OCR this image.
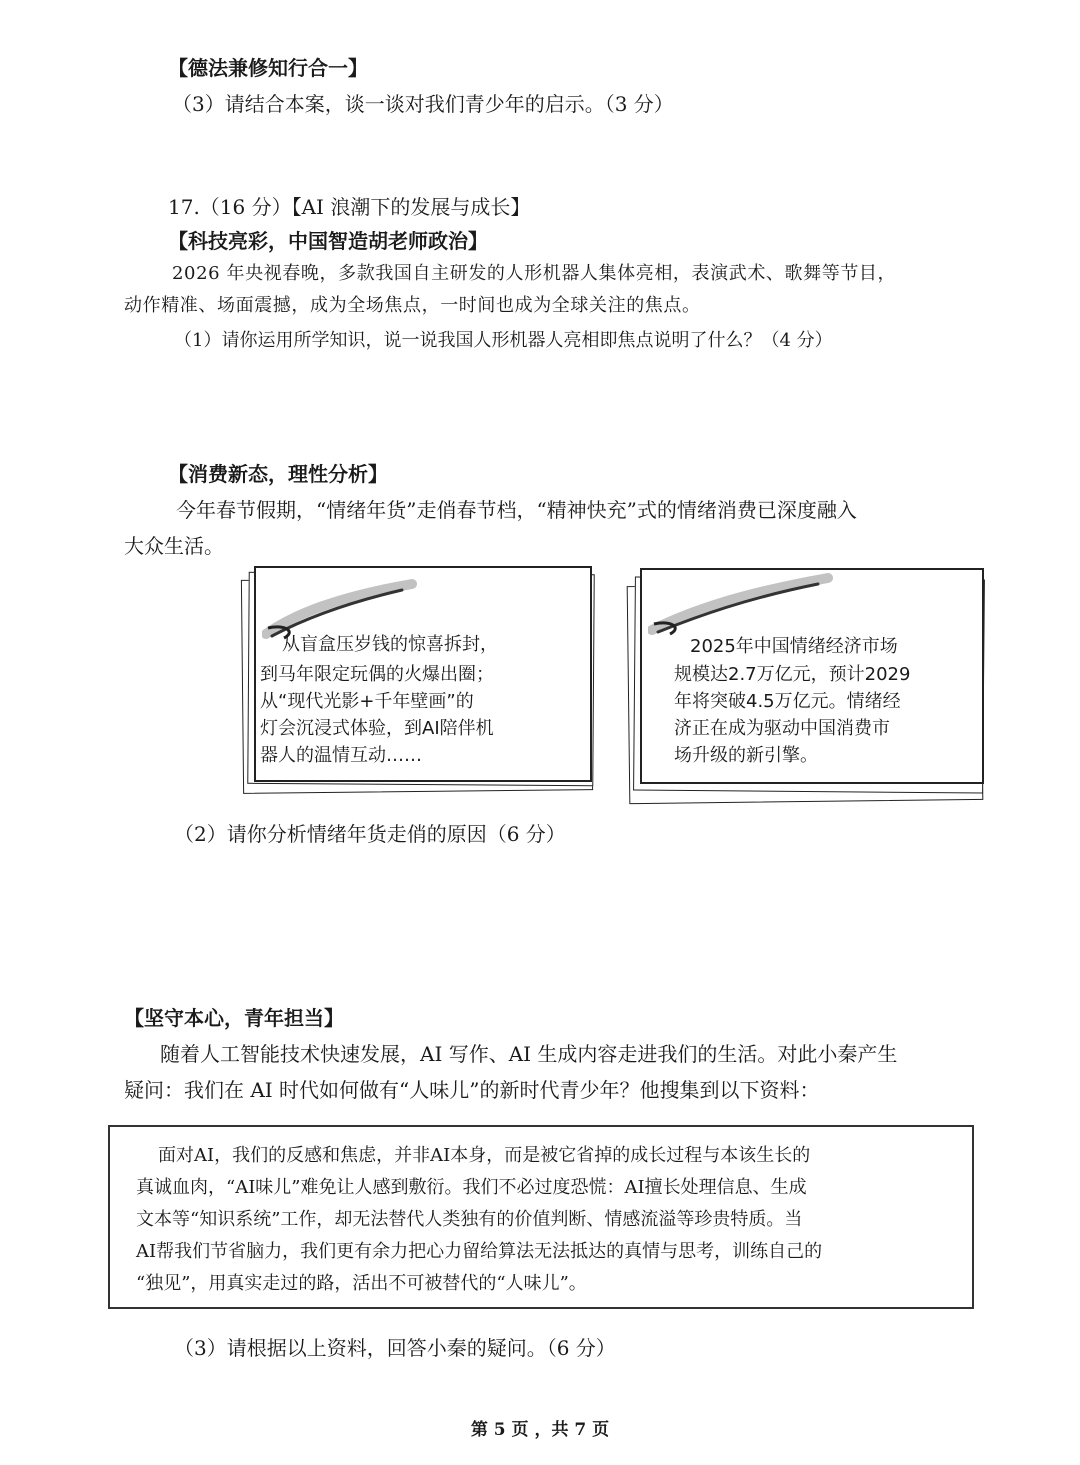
【德法兼修知行合一】
（3）请结合本案，谈一谈对我们青少年的启示。（3 分）
17.（16 分）【AI 浪潮下的发展与成长】
【科技亮彩，中国智造胡老师政治】
2026 年央视春晚，多款我国自主研发的人形机器人集体亮相，表演武术、歌舞等节目，
动作精准、场面震撼，成为全场焦点，一时间也成为全球关注的焦点。
（1）请你运用所学知识，说一说我国人形机器人亮相即焦点说明了什么？（4 分）
【消费新态，理性分析】
今年春节假期，“情绪年货”走俏春节档，“精神快充”式的情绪消费已深度融入
大众生活。
从盲盒压岁钱的惊喜拆封，
到马年限定玩偶的火爆出圈；
从“现代光影+千年壁画”的
灯会沉浸式体验，到AI陪伴机
器人的温情互动……
2025年中国情绪经济市场
规模达2.7万亿元，预计2029
年将突破4.5万亿元。情绪经
济正在成为驱动中国消费市
场升级的新引擎。
（2）请你分析情绪年货走俏的原因（6 分）
【坚守本心，青年担当】
随着人工智能技术快速发展，AI 写作、AI 生成内容走进我们的生活。对此小秦产生
疑问：我们在 AI 时代如何做有“人味儿”的新时代青少年？他搜集到以下资料：
面对AI，我们的反感和焦虑，并非AI本身，而是被它省掉的成长过程与本该生长的
真诚血肉，“AI味儿”难免让人感到敷衍。我们不必过度恐慌：AI擅长处理信息、生成
文本等“知识系统”工作，却无法替代人类独有的价值判断、情感流溢等珍贵特质。当
AI帮我们节省脑力，我们更有余力把心力留给算法无法抵达的真情与思考，训练自己的
“独见”，用真实走过的路，活出不可被替代的“人味儿”。
（3）请根据以上资料，回答小秦的疑问。（6 分）
第 5 页 ，共 7 页
